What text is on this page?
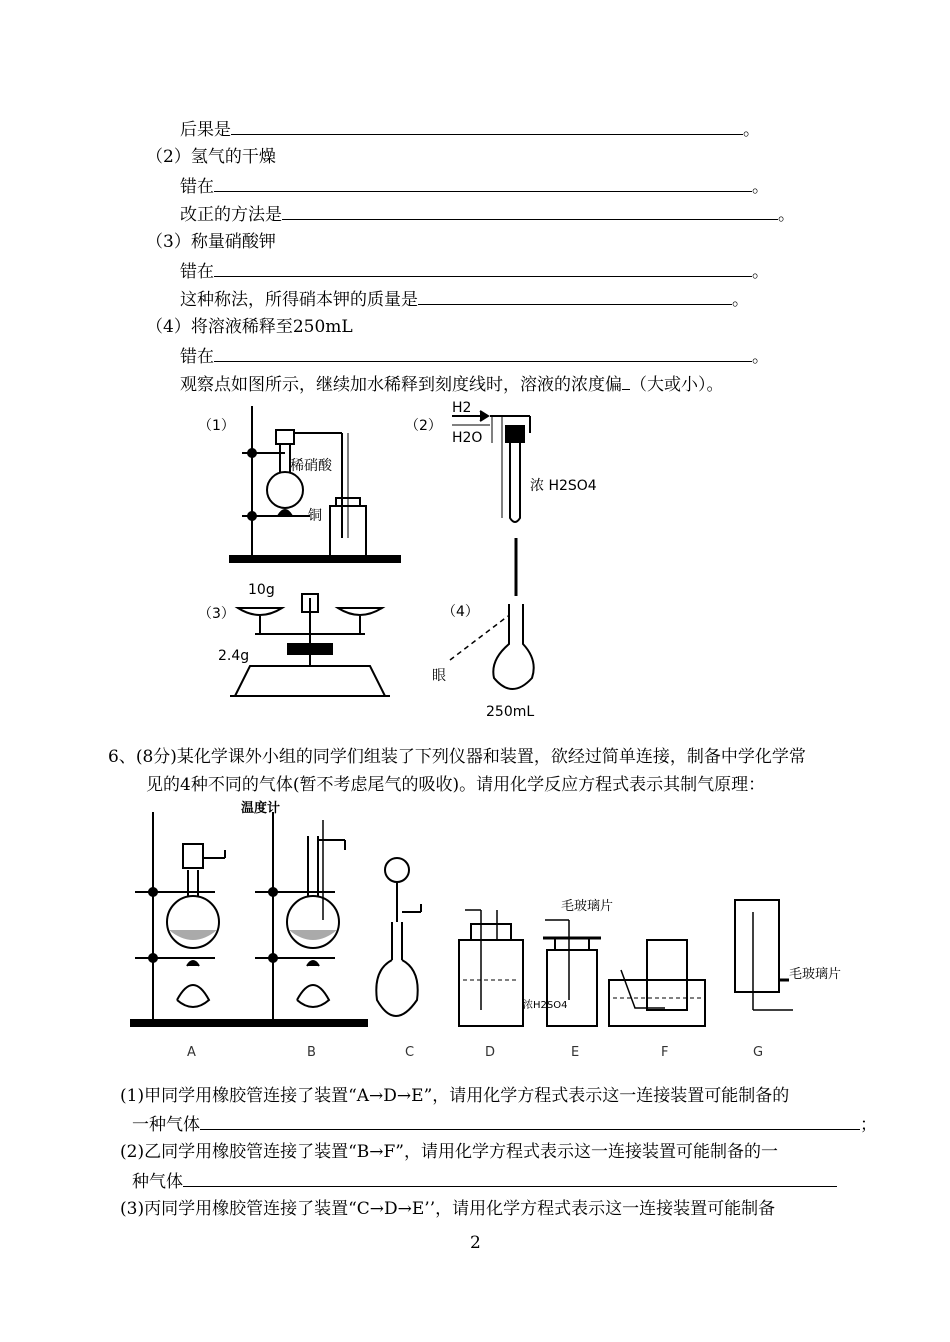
后果是	。
（2）氢气的干燥
错在	。
改正的方法是	。
（3）称量硝酸钾
错在	。
这种称法，所得硝本钾的质量是	。
（4）将溶液稀释至250mL
错在	。
观察点如图所示，继续加水稀释到刻度线时，溶液的浓度偏 （大或小）。
（1）
稀硝酸
铜
（2）
H2
H2O
浓 H2SO4
（3）
10g
2.4g
（4）
眼
250mL
6、(8分)某化学课外小组的同学们组装了下列仪器和装置，欲经过简单连接，制备中学化学常
见的4种不同的气体(暂不考虑尾气的吸收)。请用化学反应方程式表示其制气原理：
温度计
毛玻璃片
毛玻璃片
浓H2SO4
A	B	C	D	E	F	G
(1)甲同学用橡胶管连接了装置“A→D→E”，请用化学方程式表示这一连接装置可能制备的
一种气体	；
(2)乙同学用橡胶管连接了装置“B→F”，请用化学方程式表示这一连接装置可能制备的一
种气体
(3)丙同学用橡胶管连接了装置“C→D→E’’，请用化学方程式表示这一连接装置可能制备
2
